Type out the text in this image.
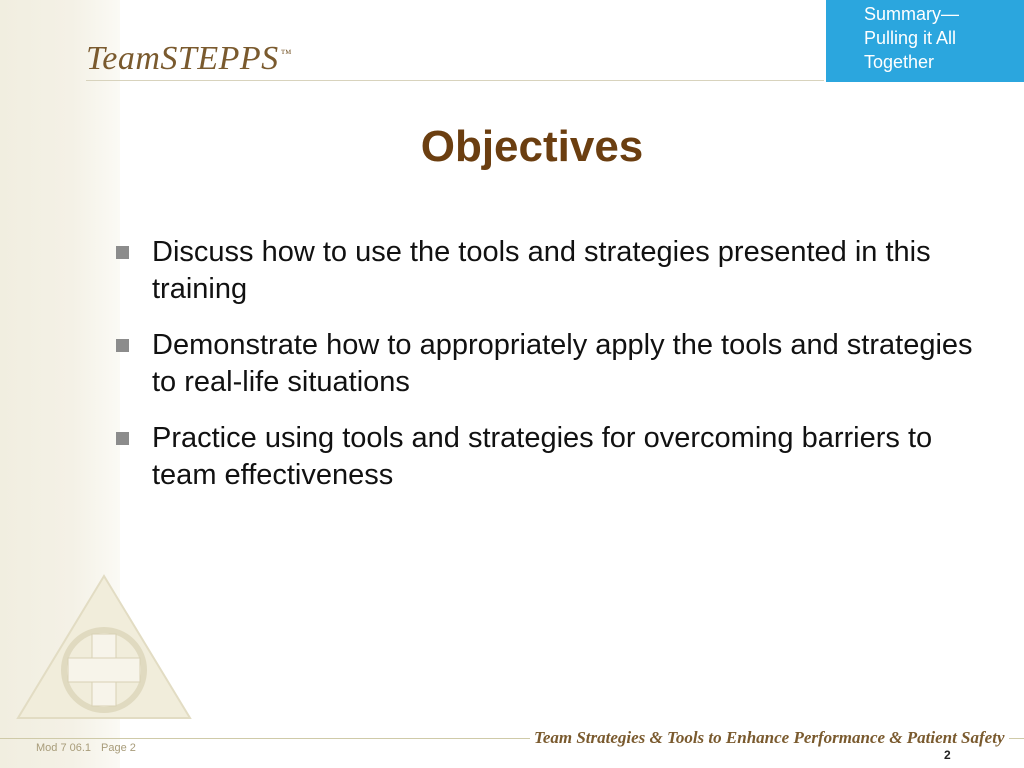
TeamSTEPPS ™
Summary—
Pulling it All
Together
Objectives
Discuss how to use the tools and strategies presented in this training
Demonstrate how to appropriately apply the tools and strategies to real-life situations
Practice using tools and strategies for overcoming barriers to team effectiveness
Mod 7 06.1 Page 2
Team Strategies & Tools to Enhance Performance & Patient Safety
2
